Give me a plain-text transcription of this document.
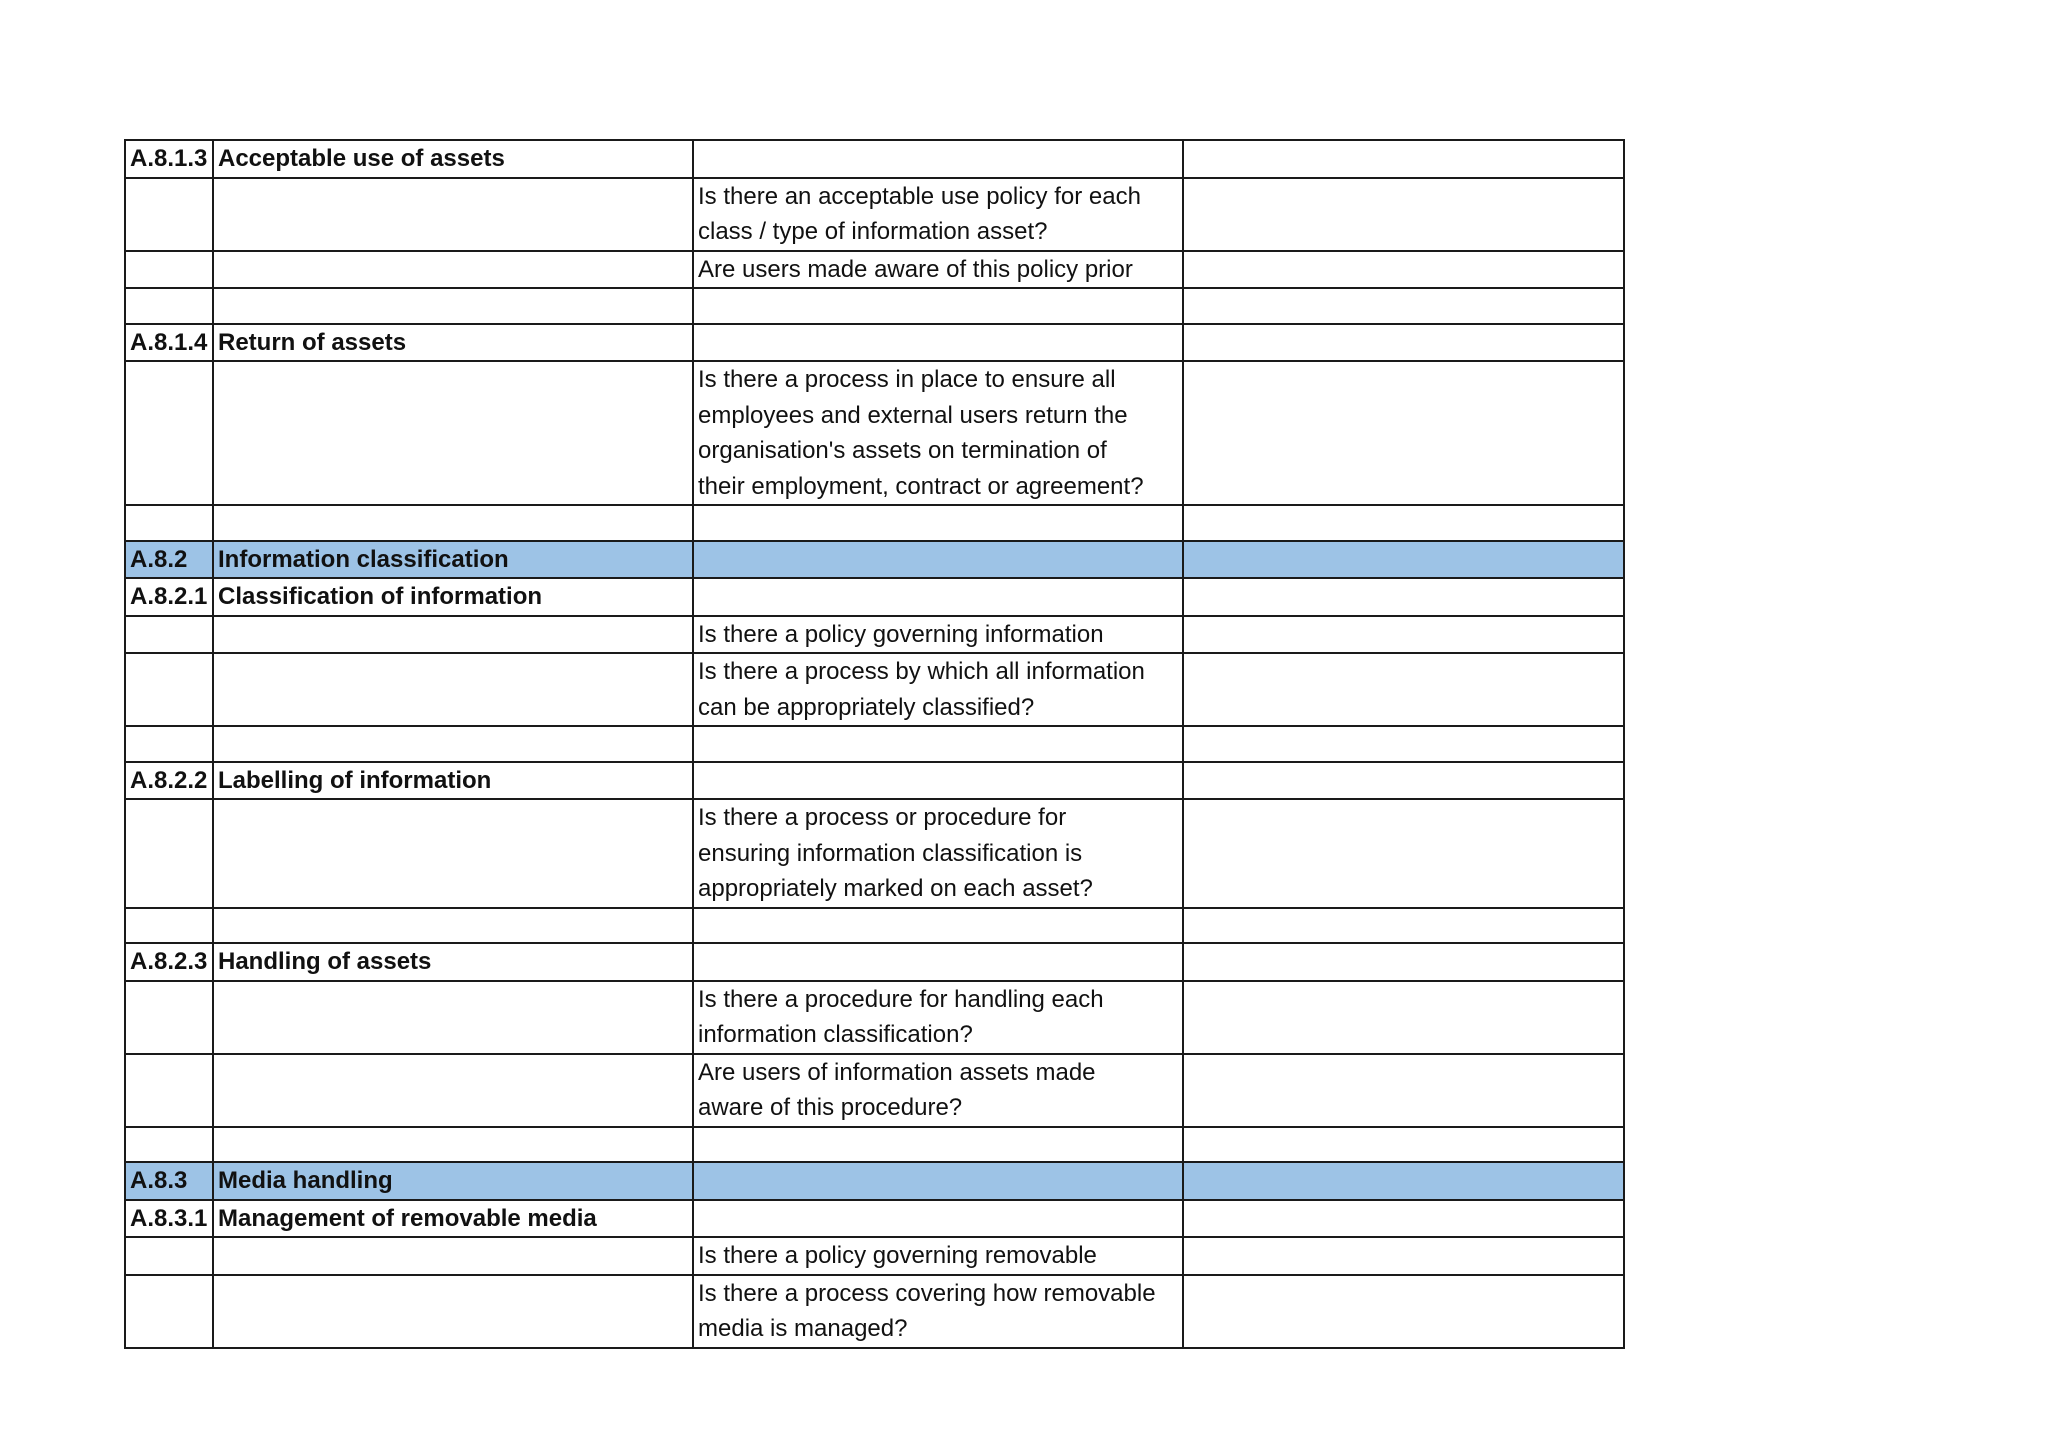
A.8.1.3	Acceptable use of assets		
		Is there an acceptable use policy for each
class / type of information asset?	
		Are users made aware of this policy prior	

A.8.1.4	Return of assets		
		Is there a process in place to ensure all
employees and external users return the
organisation's assets on termination of
their employment, contract or agreement?	

A.8.2	Information classification		
A.8.2.1	Classification of information		
		Is there a policy governing information	
		Is there a process by which all information
can be appropriately classified?	

A.8.2.2	Labelling of information		
		Is there a process or procedure for
ensuring information classification is
appropriately marked on each asset?	

A.8.2.3	Handling of assets		
		Is there a procedure for handling each
information classification?	
		Are users of information assets made
aware of this procedure?	

A.8.3	Media handling		
A.8.3.1	Management of removable media		
		Is there a policy governing removable	
		Is there a process covering how removable
media is managed?	
